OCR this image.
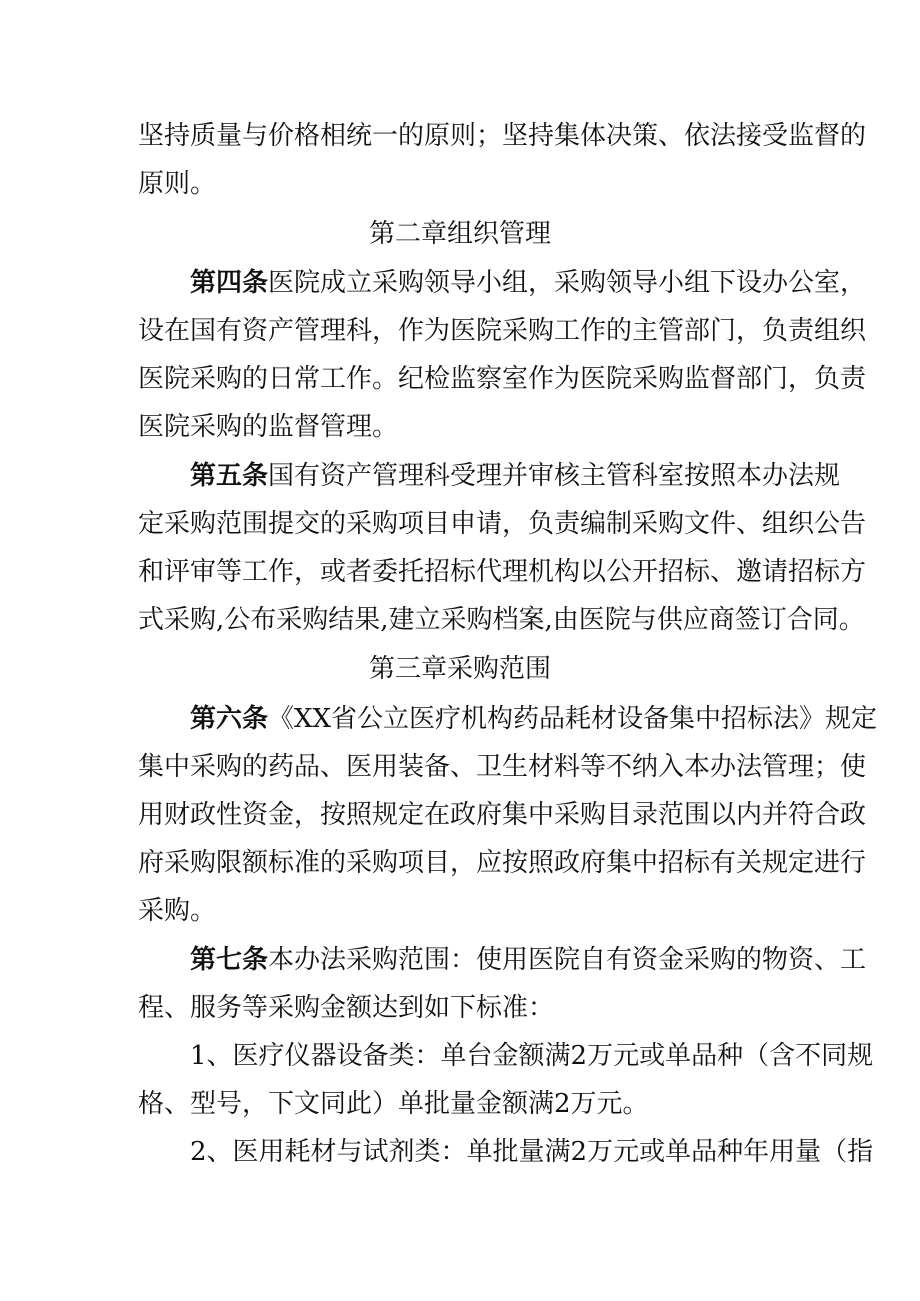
坚持质量与价格相统一的原则；坚持集体决策、依法接受监督的
原则。
第二章组织管理
第四条医院成立采购领导小组，采购领导小组下设办公室，
设在国有资产管理科，作为医院采购工作的主管部门，负责组织
医院采购的日常工作。纪检监察室作为医院采购监督部门，负责
医院采购的监督管理。
第五条国有资产管理科受理并审核主管科室按照本办法规
定采购范围提交的采购项目申请，负责编制采购文件、组织公告
和评审等工作，或者委托招标代理机构以公开招标、邀请招标方
式采购,公布采购结果,建立采购档案,由医院与供应商签订合同。
第三章采购范围
第六条《XX省公立医疗机构药品耗材设备集中招标法》规定
集中采购的药品、医用装备、卫生材料等不纳入本办法管理；使
用财政性资金，按照规定在政府集中采购目录范围以内并符合政
府采购限额标准的采购项目，应按照政府集中招标有关规定进行
采购。
第七条本办法采购范围：使用医院自有资金采购的物资、工
程、服务等采购金额达到如下标准：
1、医疗仪器设备类：单台金额满2万元或单品种（含不同规
格、型号，下文同此）单批量金额满2万元。
2、医用耗材与试剂类：单批量满2万元或单品种年用量（指
